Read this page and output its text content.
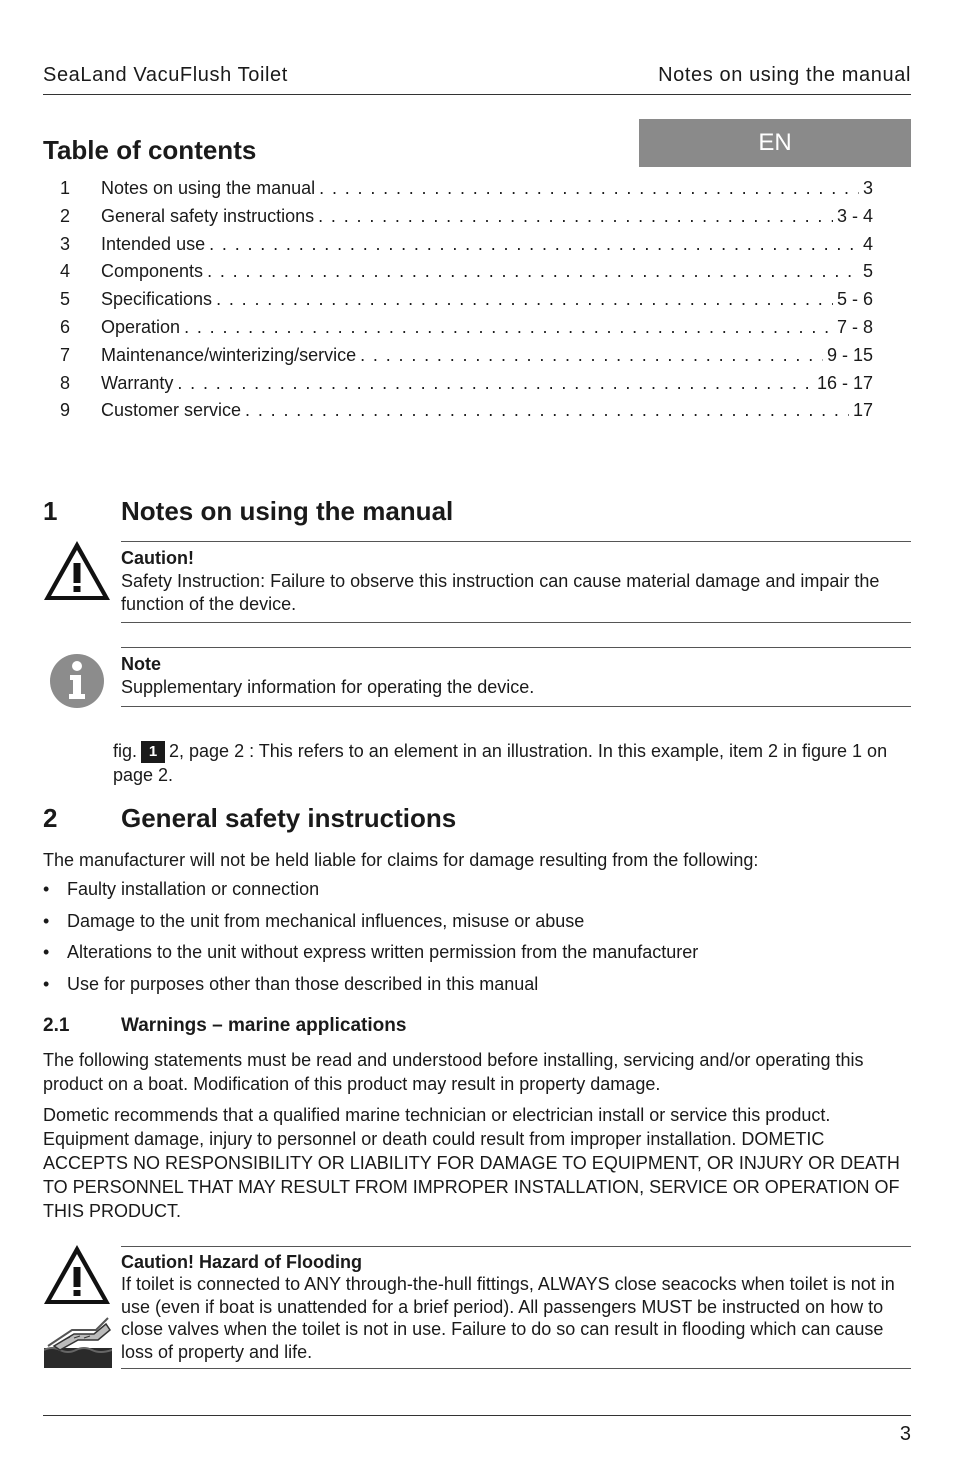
SeaLand VacuFlush Toilet	Notes on using the manual
Table of contents	EN
1	Notes on using the manual . . .	3
2	General safety instructions . . .	3 - 4
3	Intended use . . .	4
4	Components . . .	5
5	Specifications . . .	5 - 6
6	Operation . . .	7 - 8
7	Maintenance/winterizing/service . . .	9 - 15
8	Warranty . . .	16 - 17
9	Customer service . . .	17
1 Notes on using the manual
Caution!
Safety Instruction: Failure to observe this instruction can cause material damage and impair the function of the device.
Note
Supplementary information for operating the device.
fig. 1 2, page 2 : This refers to an element in an illustration. In this example, item 2 in figure 1 on page 2.
2 General safety instructions
The manufacturer will not be held liable for claims for damage resulting from the following:
• Faulty installation or connection
• Damage to the unit from mechanical influences, misuse or abuse
• Alterations to the unit without express written permission from the manufacturer
• Use for purposes other than those described in this manual
2.1	Warnings – marine applications
The following statements must be read and understood before installing, servicing and/or operating this product on a boat. Modification of this product may result in property damage.
Dometic recommends that a qualified marine technician or electrician install or service this product. Equipment damage, injury to personnel or death could result from improper installation. DOMETIC ACCEPTS NO RESPONSIBILITY OR LIABILITY FOR DAMAGE TO EQUIPMENT, OR INJURY OR DEATH TO PERSONNEL THAT MAY RESULT FROM IMPROPER INSTALLATION, SERVICE OR OPERATION OF THIS PRODUCT.
Caution! Hazard of Flooding
If toilet is connected to ANY through-the-hull fittings, ALWAYS close seacocks when toilet is not in use (even if boat is unattended for a brief period). All passengers MUST be instructed on how to close valves when the toilet is not in use. Failure to do so can result in flooding which can cause loss of property and life.
3
